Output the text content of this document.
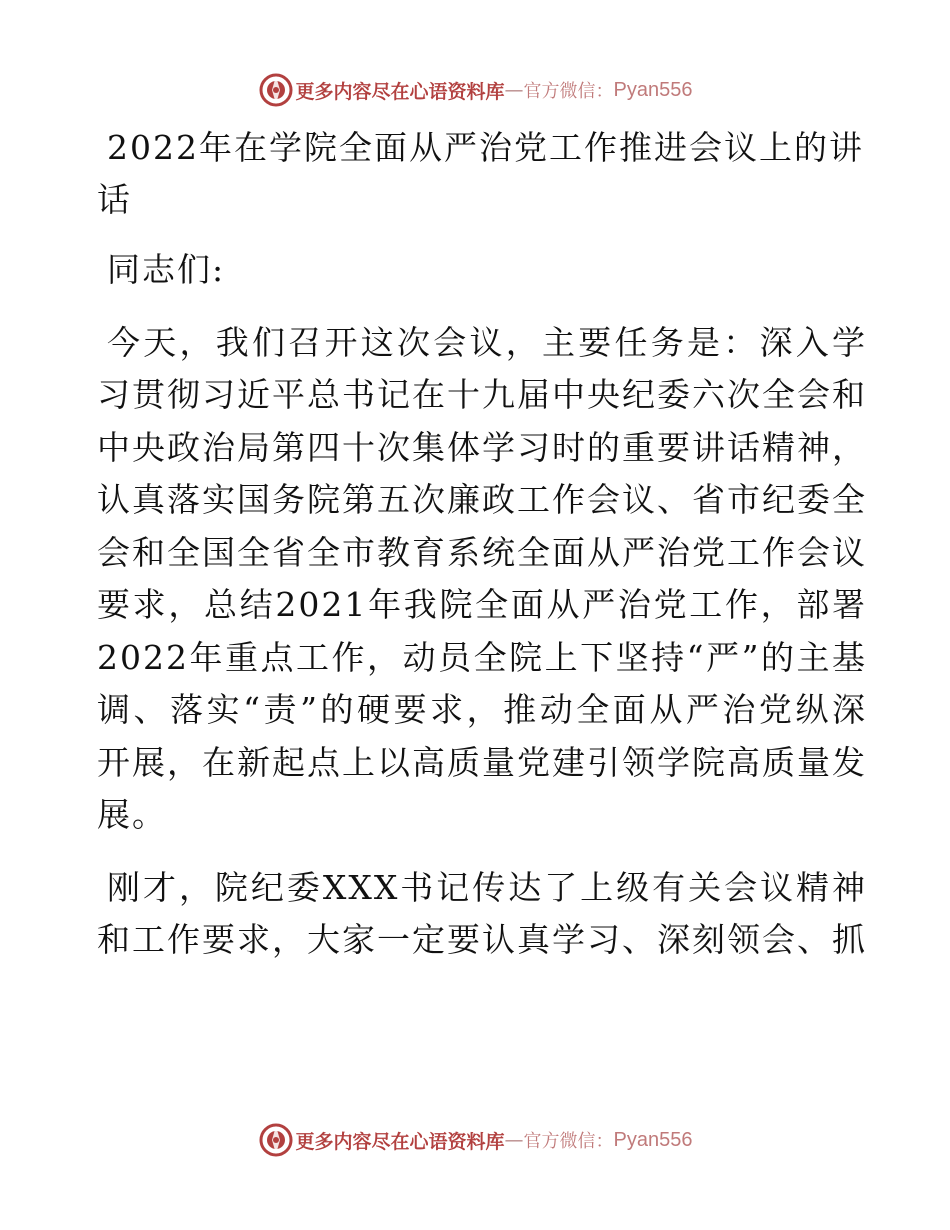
更多内容尽在心语资料库 — 官方微信： Pyan556

2022年在学院全面从严治党工作推进会议上的讲话

同志们:

今天，我们召开这次会议，主要任务是：深入学习贯彻习近平总书记在十九届中央纪委六次全会和中央政治局第四十次集体学习时的重要讲话精神，认真落实国务院第五次廉政工作会议、省市纪委全会和全国全省全市教育系统全面从严治党工作会议要求，总结2021年我院全面从严治党工作，部署2022年重点工作，动员全院上下坚持“严”的主基调、落实“责”的硬要求，推动全面从严治党纵深开展，在新起点上以高质量党建引领学院高质量发展。

刚才，院纪委XXX书记传达了上级有关会议精神和工作要求，大家一定要认真学习、深刻领会、抓

更多内容尽在心语资料库 — 官方微信： Pyan556
